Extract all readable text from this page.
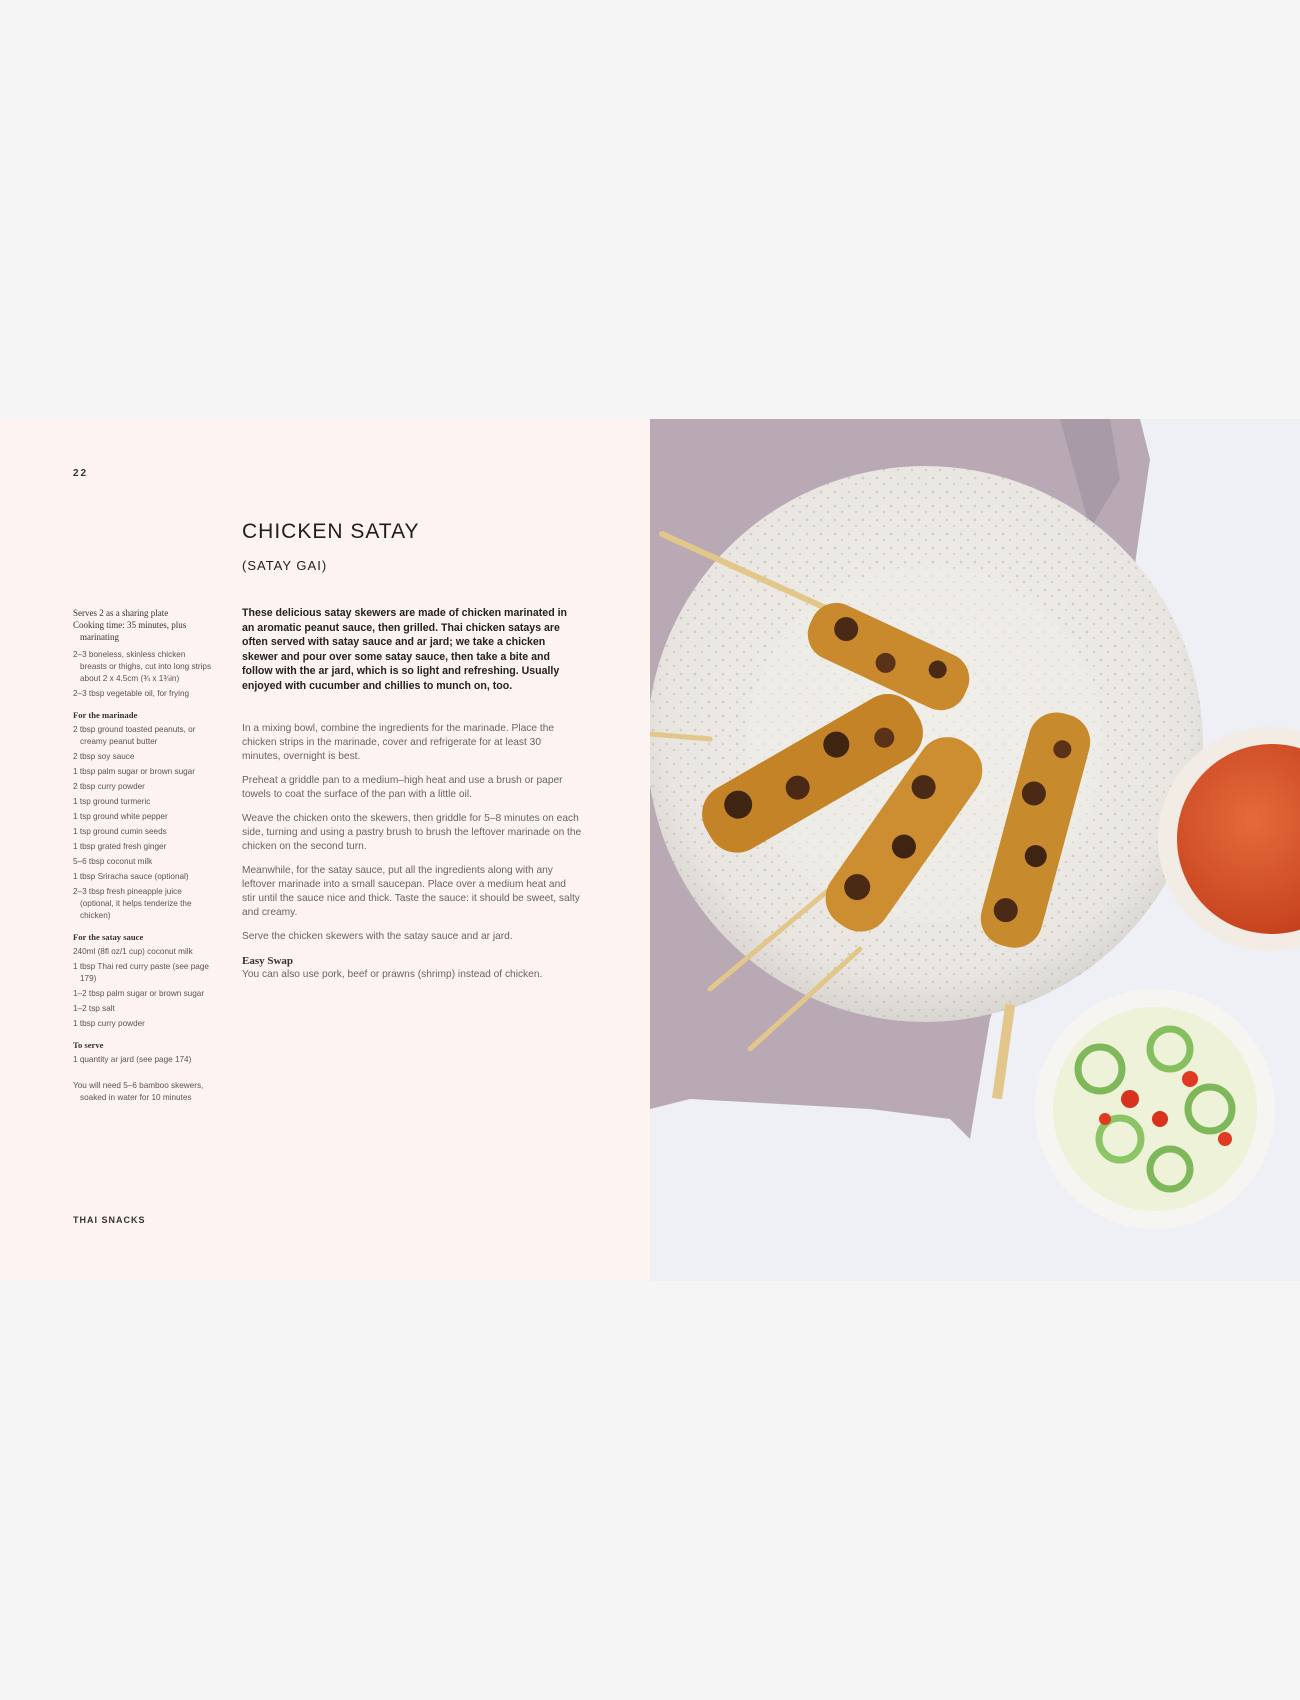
22
CHICKEN SATAY
(SATAY GAI)
Serves 2 as a sharing plate
Cooking time: 35 minutes, plus marinating
2–3 boneless, skinless chicken breasts or thighs, cut into long strips about 2 x 4.5cm (¾ x 1¾in)
2–3 tbsp vegetable oil, for frying
For the marinade
2 tbsp ground toasted peanuts, or creamy peanut butter
2 tbsp soy sauce
1 tbsp palm sugar or brown sugar
2 tbsp curry powder
1 tsp ground turmeric
1 tsp ground white pepper
1 tsp ground cumin seeds
1 tbsp grated fresh ginger
5–6 tbsp coconut milk
1 tbsp Sriracha sauce (optional)
2–3 tbsp fresh pineapple juice (optional, it helps tenderize the chicken)
For the satay sauce
240ml (8fl oz/1 cup) coconut milk
1 tbsp Thai red curry paste (see page 179)
1–2 tbsp palm sugar or brown sugar
1–2 tsp salt
1 tbsp curry powder
To serve
1 quantity ar jard (see page 174)
You will need 5–6 bamboo skewers, soaked in water for 10 minutes

These delicious satay skewers are made of chicken marinated in an aromatic peanut sauce, then grilled. Thai chicken satays are often served with satay sauce and ar jard; we take a chicken skewer and pour over some satay sauce, then take a bite and follow with the ar jard, which is so light and refreshing. Usually enjoyed with cucumber and chillies to munch on, too.

In a mixing bowl, combine the ingredients for the marinade. Place the chicken strips in the marinade, cover and refrigerate for at least 30 minutes, overnight is best.

Preheat a griddle pan to a medium–high heat and use a brush or paper towels to coat the surface of the pan with a little oil.

Weave the chicken onto the skewers, then griddle for 5–8 minutes on each side, turning and using a pastry brush to brush the leftover marinade on the chicken on the second turn.

Meanwhile, for the satay sauce, put all the ingredients along with any leftover marinade into a small saucepan. Place over a medium heat and stir until the sauce nice and thick. Taste the sauce: it should be sweet, salty and creamy.

Serve the chicken skewers with the satay sauce and ar jard.

Easy Swap

You can also use pork, beef or prawns (shrimp) instead of chicken.

THAI SNACKS
